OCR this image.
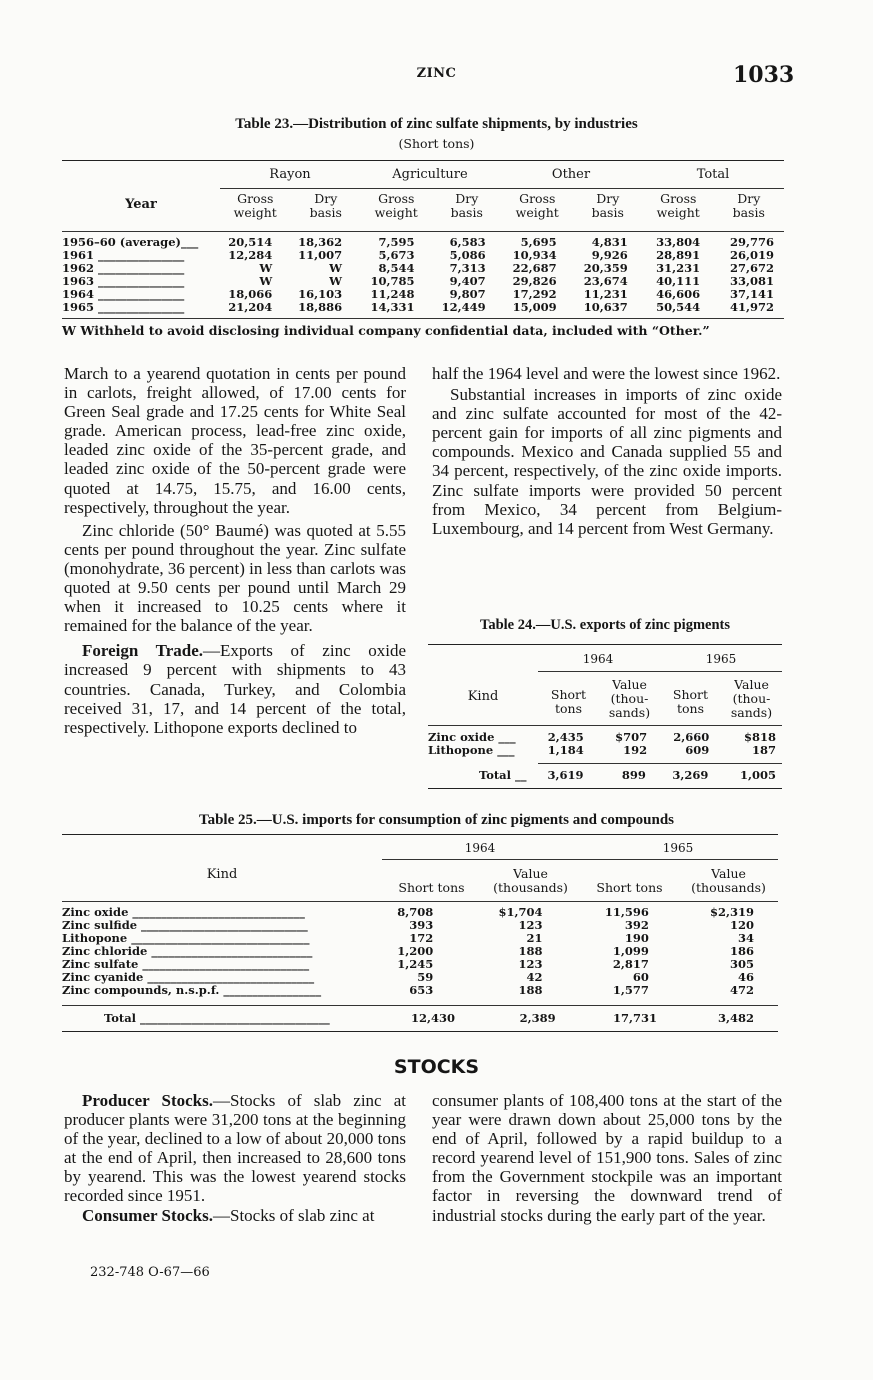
ZINC	1033
Table 23.—Distribution of zinc sulfate shipments, by industries
(Short tons)
Year
Rayon	Agriculture	Other	Total
Gross
weight
Dry
basis
Gross
weight
Dry
basis
Gross
weight
Dry
basis
Gross
weight
Dry
basis
1956–60 (average)___	20,514	18,362	7,595	6,583	5,695	4,831	33,804	29,776
1961 _______________	12,284	11,007	5,673	5,086	10,934	9,926	28,891	26,019
1962 _______________	W	W	8,544	7,313	22,687	20,359	31,231	27,672
1963 _______________	W	W	10,785	9,407	29,826	23,674	40,111	33,081
1964 _______________	18,066	16,103	11,248	9,807	17,292	11,231	46,606	37,141
1965 _______________	21,204	18,886	14,331	12,449	15,009	10,637	50,544	41,972
W Withheld to avoid disclosing individual company confidential data, included with “Other.”

March to a yearend quotation in cents per pound in carlots, freight allowed, of 17.00 cents for Green Seal grade and 17.25 cents for White Seal grade. American process, lead-free zinc oxide, leaded zinc oxide of the 35-percent grade, and leaded zinc oxide of the 50-percent grade were quoted at 14.75, 15.75, and 16.00 cents, respectively, throughout the year.

Zinc chloride (50° Baumé) was quoted at 5.55 cents per pound throughout the year. Zinc sulfate (monohydrate, 36 percent) in less than carlots was quoted at 9.50 cents per pound until March 29 when it increased to 10.25 cents where it remained for the balance of the year.

Foreign Trade.—Exports of zinc oxide increased 9 percent with shipments to 43 countries. Canada, Turkey, and Colombia received 31, 17, and 14 percent of the total, respectively. Lithopone exports declined to

half the 1964 level and were the lowest since 1962.

Substantial increases in imports of zinc oxide and zinc sulfate accounted for most of the 42-percent gain for imports of all zinc pigments and compounds. Mexico and Canada supplied 55 and 34 percent, respectively, of the zinc oxide imports. Zinc sulfate imports were provided 50 percent from Mexico, 34 percent from Belgium-Luxembourg, and 14 percent from West Germany.

Table 24.—U.S. exports of zinc pigments
Kind
1964	1965
Short
tons
Value
(thou-
sands)
Short
tons
Value
(thou-
sands)
Zinc oxide ___	2,435	$707	2,660	$818
Lithopone ___	1,184	192	609	187
Total __	3,619	899	3,269	1,005
Table 25.—U.S. imports for consumption of zinc pigments and compounds
Kind
1964	1965
Short tons
Value
(thousands)	Short tons
Value
(thousands)
Zinc oxide ______________________________	8,708	$1,704	11,596	$2,319
Zinc sulfide _____________________________	393	123	392	120
Lithopone _______________________________	172	21	190	34
Zinc chloride ____________________________	1,200	188	1,099	186
Zinc sulfate _____________________________	1,245	123	2,817	305
Zinc cyanide _____________________________	59	42	60	46
Zinc compounds, n.s.p.f. _________________	653	188	1,577	472
Total _________________________________	12,430	2,389	17,731	3,482
STOCKS

Producer Stocks.—Stocks of slab zinc at producer plants were 31,200 tons at the beginning of the year, declined to a low of about 20,000 tons at the end of April, then increased to 28,600 tons by yearend. This was the lowest yearend stocks recorded since 1951.

Consumer Stocks.—Stocks of slab zinc at

consumer plants of 108,400 tons at the start of the year were drawn down about 25,000 tons by the end of April, followed by a rapid buildup to a record yearend level of 151,900 tons. Sales of zinc from the Government stockpile was an important factor in reversing the downward trend of industrial stocks during the early part of the year.

232-748 O-67—66
